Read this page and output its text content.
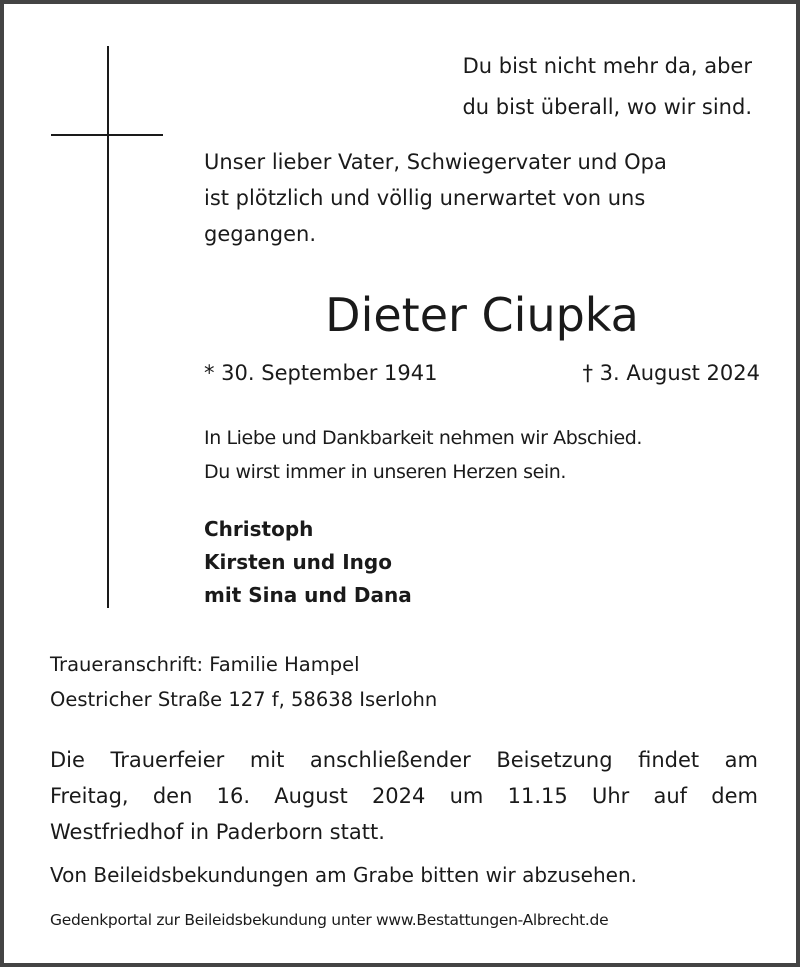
Du bist nicht mehr da, aber
du bist überall, wo wir sind.
Unser lieber Vater, Schwiegervater und Opa
ist plötzlich und völlig unerwartet von uns
gegangen.
Dieter Ciupka
* 30. September 1941	† 3. August 2024
In Liebe und Dankbarkeit nehmen wir Abschied.
Du wirst immer in unseren Herzen sein.
Christoph
Kirsten und Ingo
mit Sina und Dana
Traueranschrift: Familie Hampel
Oestricher Straße 127 f, 58638 Iserlohn
Die Trauerfeier mit anschließender Beisetzung findet am
Freitag, den 16. August 2024 um 11.15 Uhr auf dem
Westfriedhof in Paderborn statt.
Von Beileidsbekundungen am Grabe bitten wir abzusehen.
Gedenkportal zur Beileidsbekundung unter www.Bestattungen-Albrecht.de
